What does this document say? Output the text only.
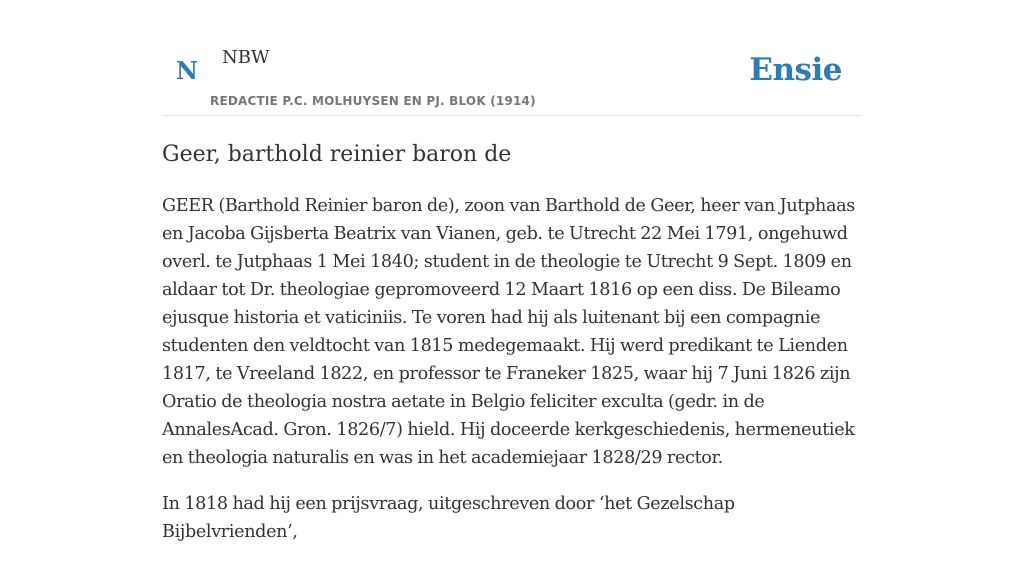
N NBW
REDACTIE P.C. MOLHUYSEN EN PJ. BLOK (1914)
Ensie
Geer, barthold reinier baron de

GEER (Barthold Reinier baron de), zoon van Barthold de Geer, heer van Jutphaas en Jacoba Gijsberta Beatrix van Vianen, geb. te Utrecht 22 Mei 1791, ongehuwd overl. te Jutphaas 1 Mei 1840; student in de theologie te Utrecht 9 Sept. 1809 en aldaar tot Dr. theologiae gepromoveerd 12 Maart 1816 op een diss. De Bileamo ejusque historia et vaticiniis. Te voren had hij als luitenant bij een compagnie studenten den veldtocht van 1815 medegemaakt. Hij werd predikant te Lienden 1817, te Vreeland 1822, en professor te Franeker 1825, waar hij 7 Juni 1826 zijn Oratio de theologia nostra aetate in Belgio feliciter exculta (gedr. in de AnnalesAcad. Gron. 1826/7) hield. Hij doceerde kerkgeschiedenis, hermeneutiek en theologia naturalis en was in het academiejaar 1828/29 rector.

In 1818 had hij een prijsvraag, uitgeschreven door ‘het Gezelschap Bijbelvrienden’,
